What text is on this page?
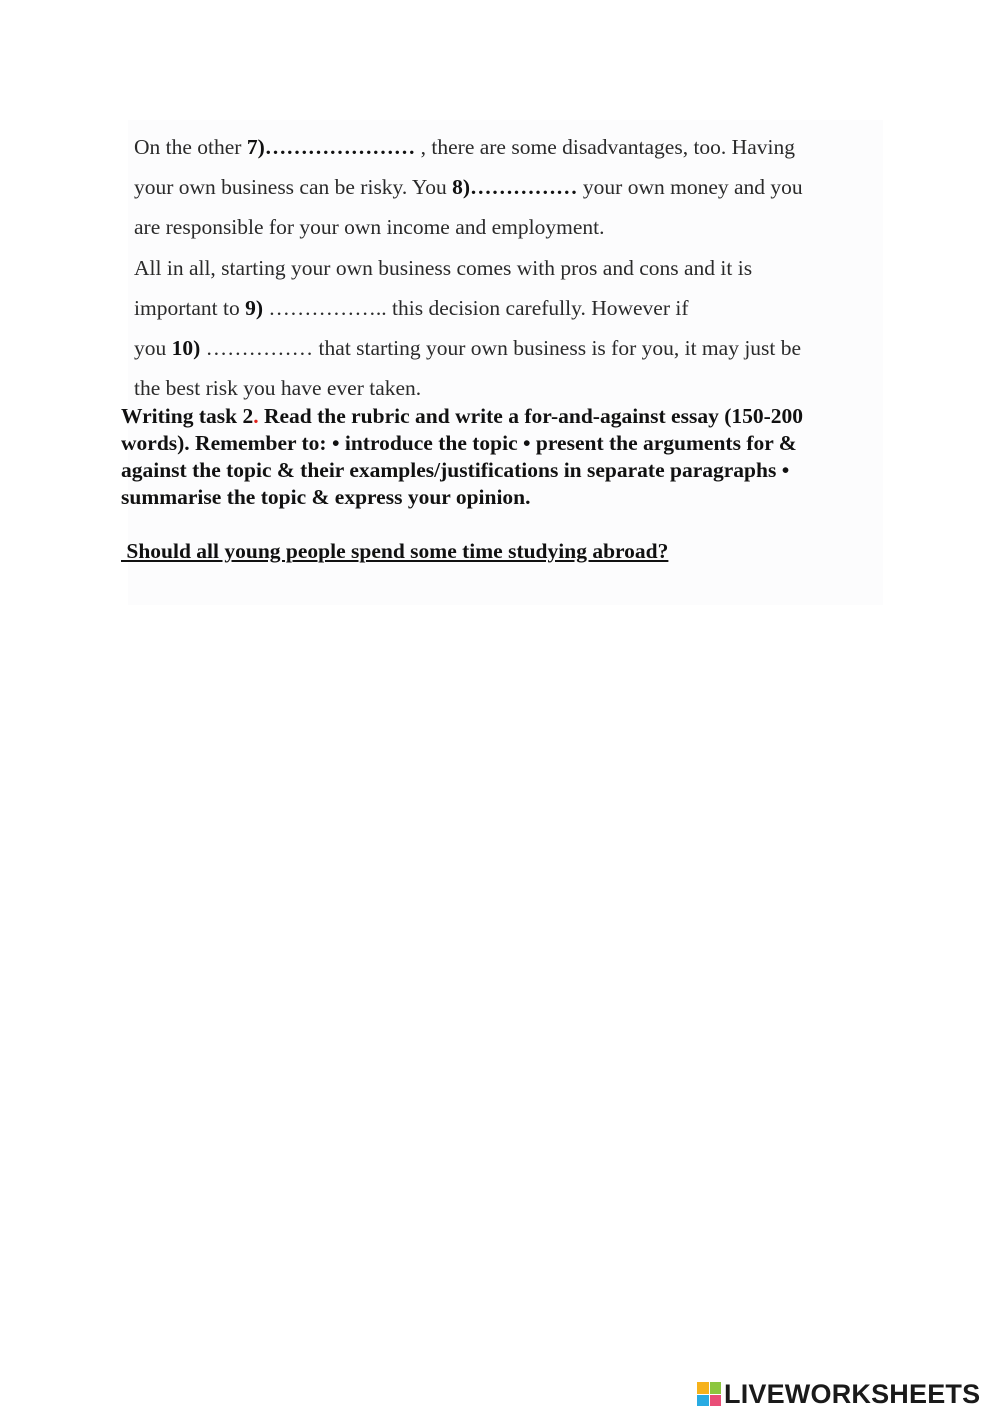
On the other 7)………………… , there are some disadvantages, too. Having
your own business can be risky. You 8)…………… your own money and you
are responsible for your own income and employment.
All in all, starting your own business comes with pros and cons and it is
important to 9) …………….. this decision carefully. However if
you 10) …………… that starting your own business is for you, it may just be
the best risk you have ever taken.
Writing task 2. Read the rubric and write a for-and-against essay (150-200
words). Remember to: • introduce the topic • present the arguments for &
against the topic & their examples/justifications in separate paragraphs •
summarise the topic & express your opinion.
Should all young people spend some time studying abroad?
LIVEWORKSHEETS
